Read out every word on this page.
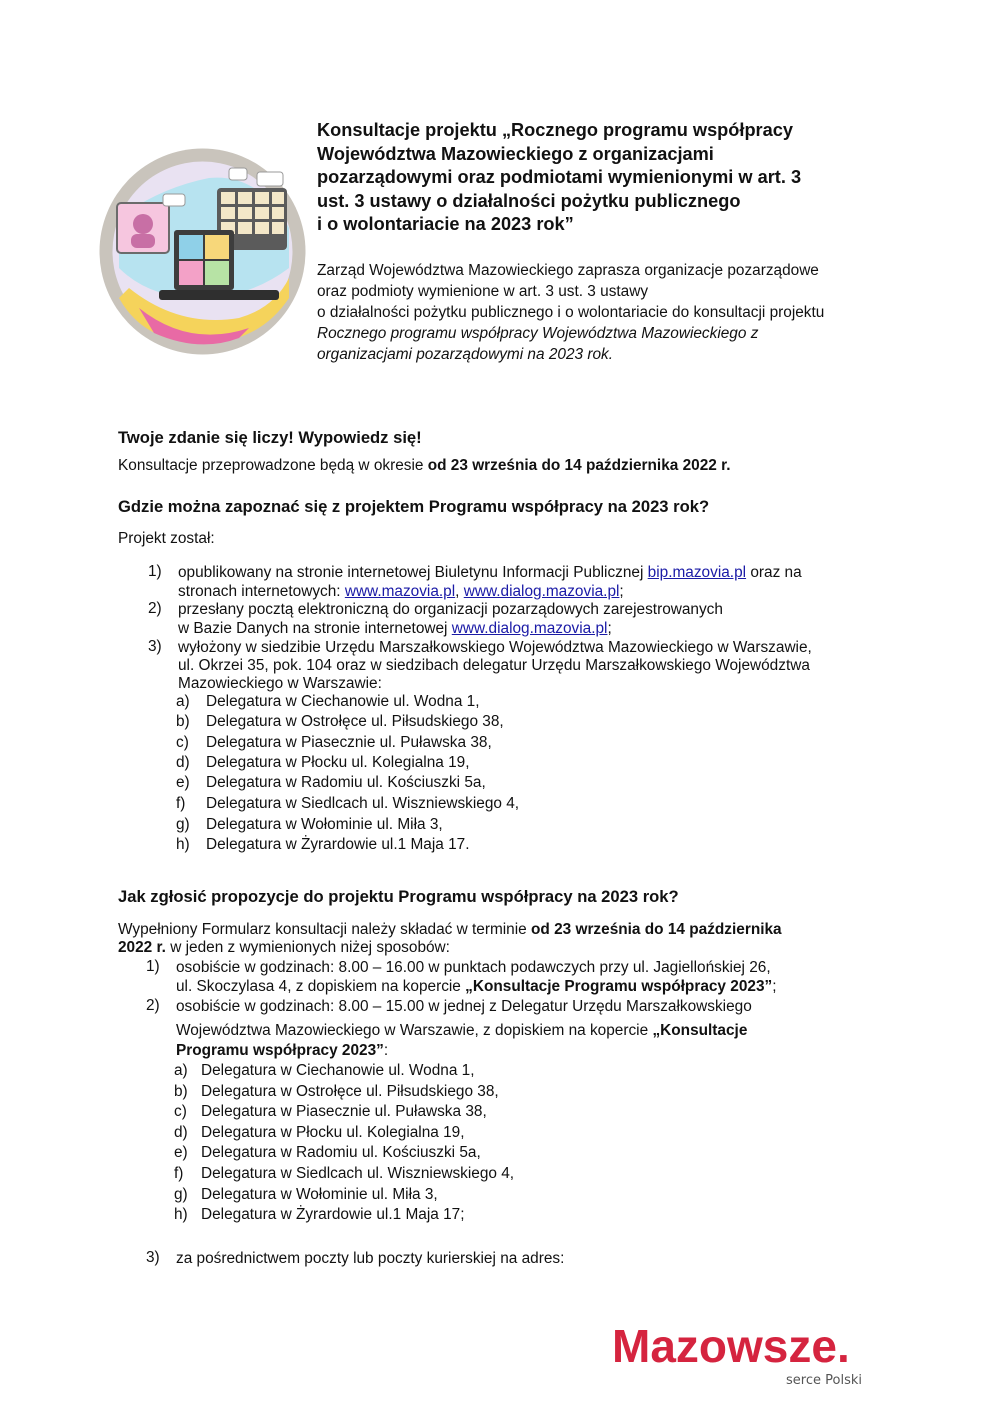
Konsultacje projektu „Rocznego programu współpracy
Województwa Mazowieckiego z organizacjami
pozarządowymi oraz podmiotami wymienionymi w art. 3
ust. 3 ustawy o działalności pożytku publicznego
i o wolontariacie na 2023 rok”
Zarząd Województwa Mazowieckiego zaprasza organizacje pozarządowe
oraz podmioty wymienione w art. 3 ust. 3 ustawy
o działalności pożytku publicznego i o wolontariacie do konsultacji projektu
Rocznego programu współpracy Województwa Mazowieckiego z
organizacjami pozarządowymi na 2023 rok.
Twoje zdanie się liczy! Wypowiedz się!
Konsultacje przeprowadzone będą w okresie od 23 września do 14 października 2022 r.
Gdzie można zapoznać się z projektem Programu współpracy na 2023 rok?
Projekt został:
1) opublikowany na stronie internetowej Biuletynu Informacji Publicznej bip.mazovia.pl oraz na
stronach internetowych: www.mazovia.pl, www.dialog.mazovia.pl;
2) przesłany pocztą elektroniczną do organizacji pozarządowych zarejestrowanych
w Bazie Danych na stronie internetowej www.dialog.mazovia.pl;
3) wyłożony w siedzibie Urzędu Marszałkowskiego Województwa Mazowieckiego w Warszawie,
ul. Okrzei 35, pok. 104 oraz w siedzibach delegatur Urzędu Marszałkowskiego Województwa
Mazowieckiego w Warszawie:
a) Delegatura w Ciechanowie ul. Wodna 1,
b) Delegatura w Ostrołęce ul. Piłsudskiego 38,
c) Delegatura w Piasecznie ul. Puławska 38,
d) Delegatura w Płocku ul. Kolegialna 19,
e) Delegatura w Radomiu ul. Kościuszki 5a,
f) Delegatura w Siedlcach ul. Wiszniewskiego 4,
g) Delegatura w Wołominie ul. Miła 3,
h) Delegatura w Żyrardowie ul.1 Maja 17.
Jak zgłosić propozycje do projektu Programu współpracy na 2023 rok?
Wypełniony Formularz konsultacji należy składać w terminie od 23 września do 14 października
2022 r. w jeden z wymienionych niżej sposobów:
1) osobiście w godzinach: 8.00 – 16.00 w punktach podawczych przy ul. Jagiellońskiej 26,
ul. Skoczylasa 4, z dopiskiem na kopercie „Konsultacje Programu współpracy 2023”;
2) osobiście w godzinach: 8.00 – 15.00 w jednej z Delegatur Urzędu Marszałkowskiego
Województwa Mazowieckiego w Warszawie, z dopiskiem na kopercie „Konsultacje
Programu współpracy 2023”:
a) Delegatura w Ciechanowie ul. Wodna 1,
b) Delegatura w Ostrołęce ul. Piłsudskiego 38,
c) Delegatura w Piasecznie ul. Puławska 38,
d) Delegatura w Płocku ul. Kolegialna 19,
e) Delegatura w Radomiu ul. Kościuszki 5a,
f) Delegatura w Siedlcach ul. Wiszniewskiego 4,
g) Delegatura w Wołominie ul. Miła 3,
h) Delegatura w Żyrardowie ul.1 Maja 17;
3) za pośrednictwem poczty lub poczty kurierskiej na adres:
Mazowsze.
serce Polski
